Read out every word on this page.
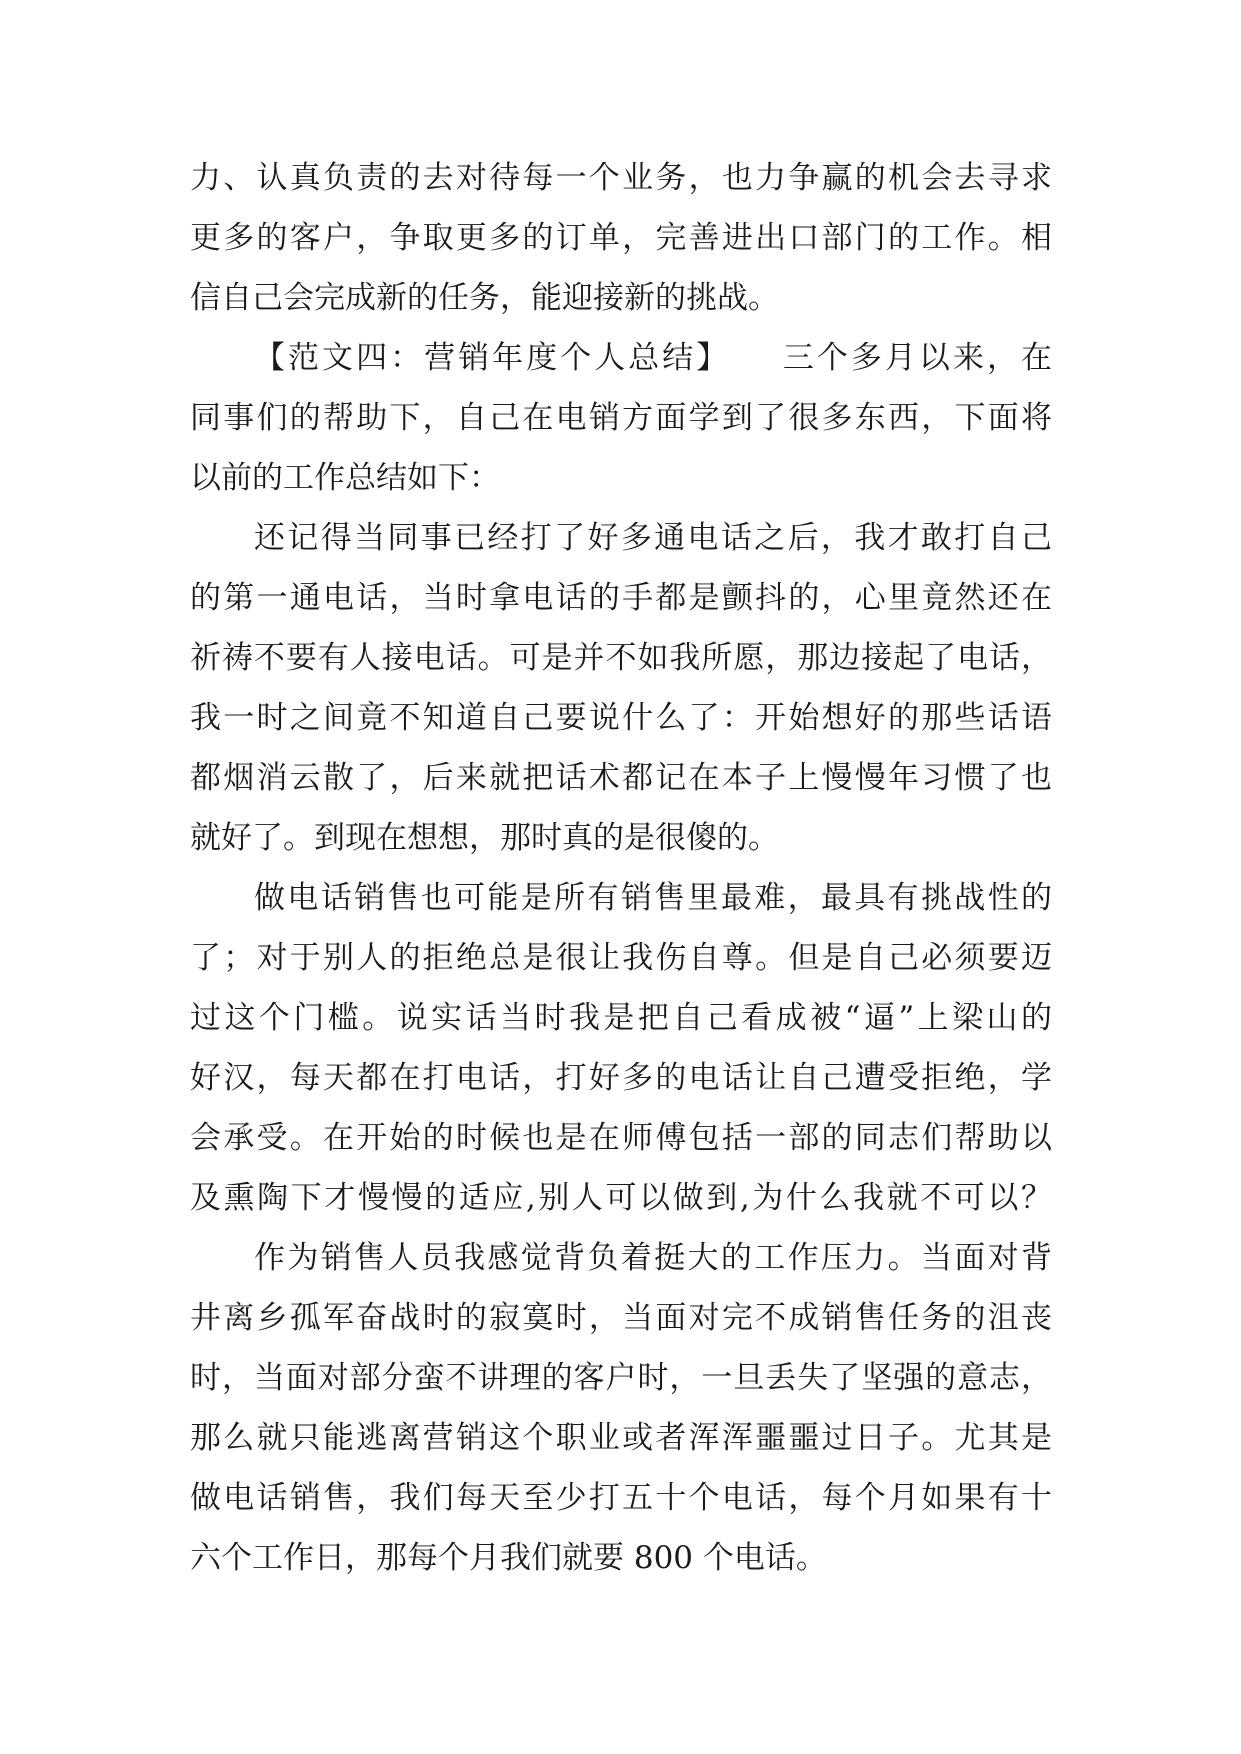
力、认真负责的去对待每一个业务，也力争赢的机会去寻求
更多的客户，争取更多的订单，完善进出口部门的工作。相
信自己会完成新的任务，能迎接新的挑战。
【范文四：营销年度个人总结】　　三个多月以来，在
同事们的帮助下，自己在电销方面学到了很多东西，下面将
以前的工作总结如下：
还记得当同事已经打了好多通电话之后，我才敢打自己
的第一通电话，当时拿电话的手都是颤抖的，心里竟然还在
祈祷不要有人接电话。可是并不如我所愿，那边接起了电话，
我一时之间竟不知道自己要说什么了：开始想好的那些话语
都烟消云散了，后来就把话术都记在本子上慢慢年习惯了也
就好了。到现在想想，那时真的是很傻的。
做电话销售也可能是所有销售里最难，最具有挑战性的
了；对于别人的拒绝总是很让我伤自尊。但是自己必须要迈
过这个门槛。说实话当时我是把自己看成被“逼”上梁山的
好汉，每天都在打电话，打好多的电话让自己遭受拒绝，学
会承受。在开始的时候也是在师傅包括一部的同志们帮助以
及熏陶下才慢慢的适应,别人可以做到,为什么我就不可以？
作为销售人员我感觉背负着挺大的工作压力。当面对背
井离乡孤军奋战时的寂寞时，当面对完不成销售任务的沮丧
时，当面对部分蛮不讲理的客户时，一旦丢失了坚强的意志，
那么就只能逃离营销这个职业或者浑浑噩噩过日子。尤其是
做电话销售，我们每天至少打五十个电话，每个月如果有十
六个工作日，那每个月我们就要 800 个电话。
